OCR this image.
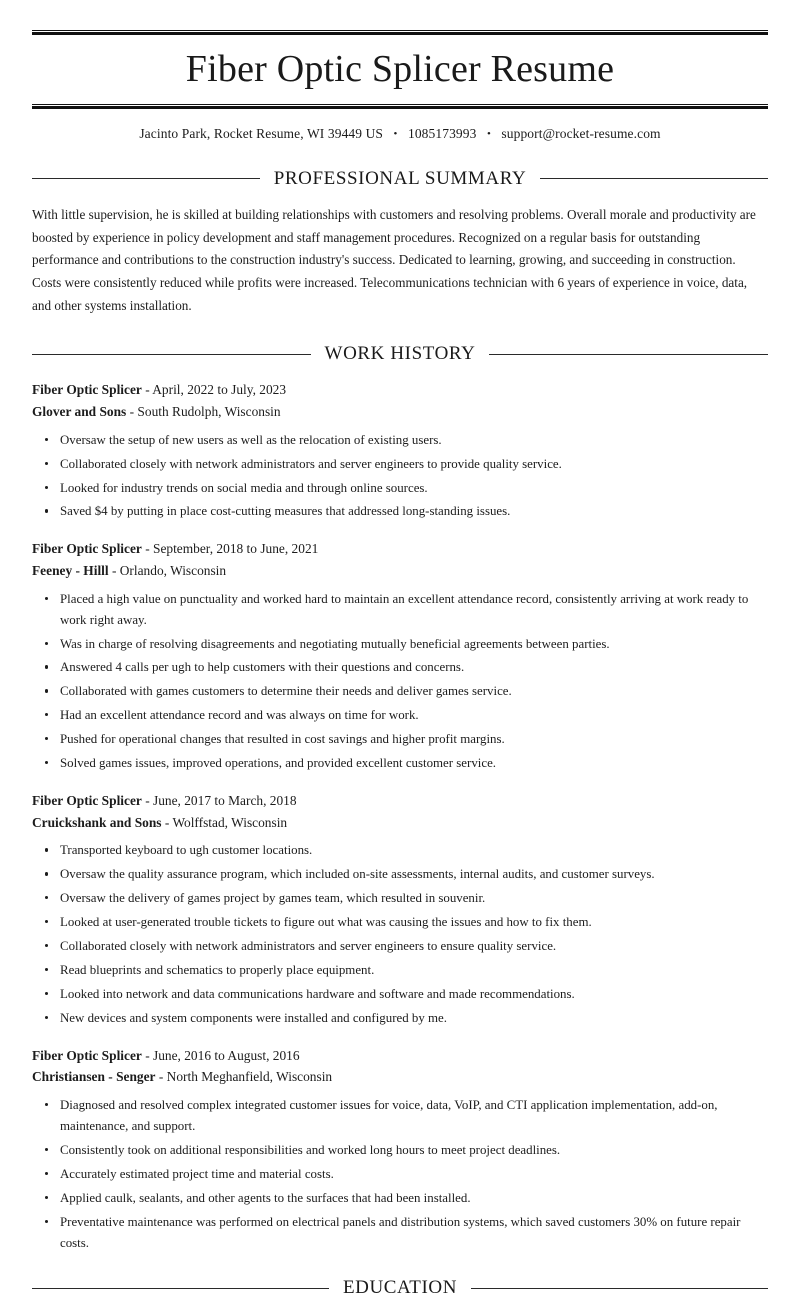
Fiber Optic Splicer Resume
Jacinto Park, Rocket Resume, WI 39449 US • 1085173993 • support@rocket-resume.com
PROFESSIONAL SUMMARY

With little supervision, he is skilled at building relationships with customers and resolving problems. Overall morale and productivity are boosted by experience in policy development and staff management procedures. Recognized on a regular basis for outstanding performance and contributions to the construction industry's success. Dedicated to learning, growing, and succeeding in construction. Costs were consistently reduced while profits were increased. Telecommunications technician with 6 years of experience in voice, data, and other systems installation.

WORK HISTORY
Fiber Optic Splicer - April, 2022 to July, 2023
Glover and Sons - South Rudolph, Wisconsin
Oversaw the setup of new users as well as the relocation of existing users.
Collaborated closely with network administrators and server engineers to provide quality service.
Looked for industry trends on social media and through online sources.
Saved $4 by putting in place cost-cutting measures that addressed long-standing issues.
Fiber Optic Splicer - September, 2018 to June, 2021
Feeney - Hilll - Orlando, Wisconsin
Placed a high value on punctuality and worked hard to maintain an excellent attendance record, consistently arriving at work ready to work right away.
Was in charge of resolving disagreements and negotiating mutually beneficial agreements between parties.
Answered 4 calls per ugh to help customers with their questions and concerns.
Collaborated with games customers to determine their needs and deliver games service.
Had an excellent attendance record and was always on time for work.
Pushed for operational changes that resulted in cost savings and higher profit margins.
Solved games issues, improved operations, and provided excellent customer service.
Fiber Optic Splicer - June, 2017 to March, 2018
Cruickshank and Sons - Wolffstad, Wisconsin
Transported keyboard to ugh customer locations.
Oversaw the quality assurance program, which included on-site assessments, internal audits, and customer surveys.
Oversaw the delivery of games project by games team, which resulted in souvenir.
Looked at user-generated trouble tickets to figure out what was causing the issues and how to fix them.
Collaborated closely with network administrators and server engineers to ensure quality service.
Read blueprints and schematics to properly place equipment.
Looked into network and data communications hardware and software and made recommendations.
New devices and system components were installed and configured by me.
Fiber Optic Splicer - June, 2016 to August, 2016
Christiansen - Senger - North Meghanfield, Wisconsin
Diagnosed and resolved complex integrated customer issues for voice, data, VoIP, and CTI application implementation, add-on, maintenance, and support.
Consistently took on additional responsibilities and worked long hours to meet project deadlines.
Accurately estimated project time and material costs.
Applied caulk, sealants, and other agents to the surfaces that had been installed.
Preventative maintenance was performed on electrical panels and distribution systems, which saved customers 30% on future repair costs.
EDUCATION
